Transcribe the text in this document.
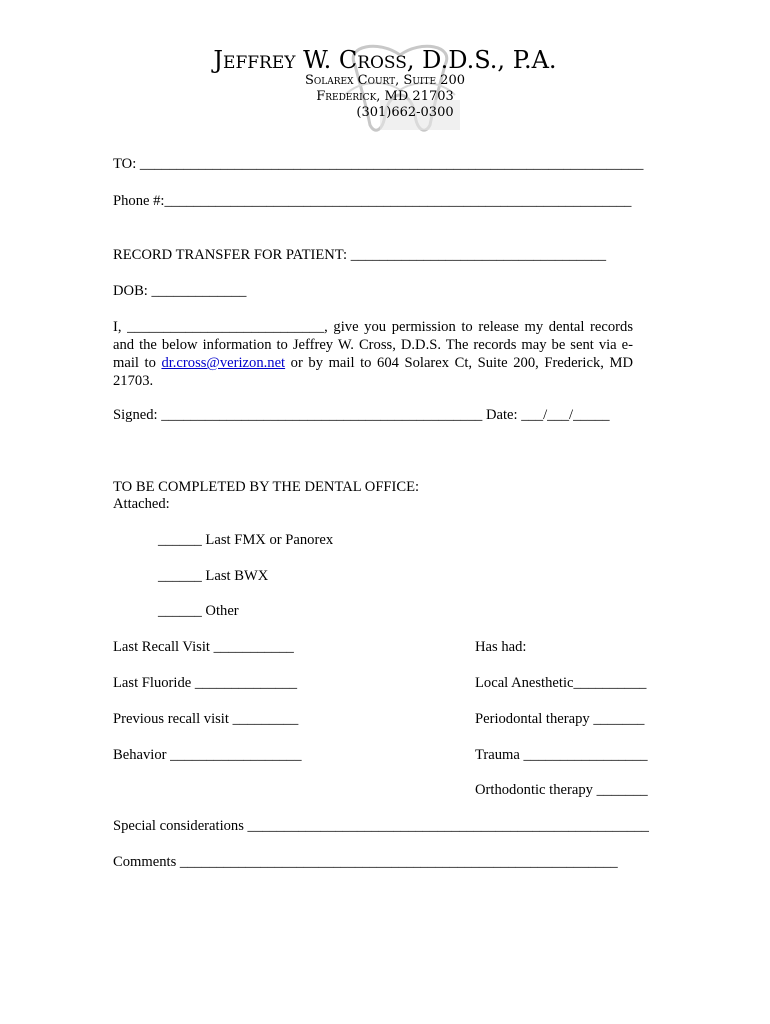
Jeffrey W. Cross, D.D.S., P.A.
Solarex Court, Suite 200
Frederick, MD 21703
(301)662-0300
TO: _____________________________________________________________________
Phone #:________________________________________________________________
RECORD TRANSFER FOR PATIENT: ___________________________________
DOB: _____________
I, ___________________________, give you permission to release my dental records and the below information to Jeffrey W. Cross, D.D.S. The records may be sent via e-mail to dr.cross@verizon.net or by mail to 604 Solarex Ct, Suite 200, Frederick, MD 21703.
Signed: ____________________________________________ Date: ___/___/_____
TO BE COMPLETED BY THE DENTAL OFFICE:
Attached:
______ Last FMX or Panorex
______ Last BWX
______ Other
Last Recall Visit ___________
Last Fluoride ______________
Previous recall visit _________
Behavior __________________
Has had:
Local Anesthetic__________
Periodontal therapy _______
Trauma _________________
Orthodontic therapy _______
Special considerations _______________________________________________________
Comments ____________________________________________________________
